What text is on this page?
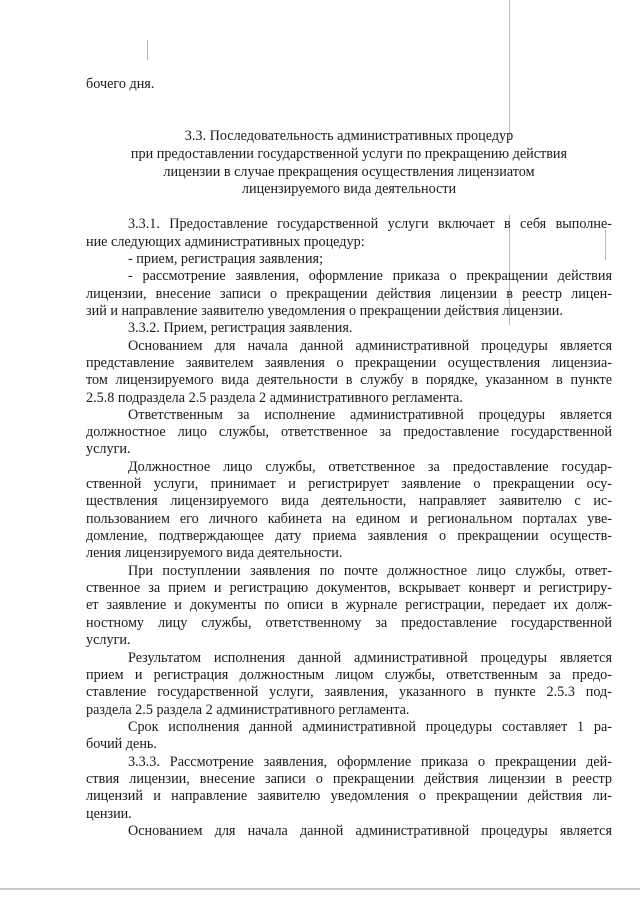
бочего дня.
3.3. Последовательность административных процедур
при предоставлении государственной услуги по прекращению действия
лицензии в случае прекращения осуществления лицензиатом
лицензируемого вида деятельности
3.3.1. Предоставление государственной услуги включает в себя выполне-
ние следующих административных процедур:
- прием, регистрация заявления;
- рассмотрение заявления, оформление приказа о прекращении действия
лицензии, внесение записи о прекращении действия лицензии в реестр лицен-
зий и направление заявителю уведомления о прекращении действия лицензии.
3.3.2. Прием, регистрация заявления.
Основанием для начала данной административной процедуры является
представление заявителем заявления о прекращении осуществления лицензиа-
том лицензируемого вида деятельности в службу в порядке, указанном в пункте
2.5.8 подраздела 2.5 раздела 2 административного регламента.
Ответственным за исполнение административной процедуры является
должностное лицо службы, ответственное за предоставление государственной
услуги.
Должностное лицо службы, ответственное за предоставление государ-
ственной услуги, принимает и регистрирует заявление о прекращении осу-
ществления лицензируемого вида деятельности, направляет заявителю с ис-
пользованием его личного кабинета на едином и региональном порталах уве-
домление, подтверждающее дату приема заявления о прекращении осуществ-
ления лицензируемого вида деятельности.
При поступлении заявления по почте должностное лицо службы, ответ-
ственное за прием и регистрацию документов, вскрывает конверт и регистриру-
ет заявление и документы по описи в журнале регистрации, передает их долж-
ностному лицу службы, ответственному за предоставление государственной
услуги.
Результатом исполнения данной административной процедуры является
прием и регистрация должностным лицом службы, ответственным за предо-
ставление государственной услуги, заявления, указанного в пункте 2.5.3 под-
раздела 2.5 раздела 2 административного регламента.
Срок исполнения данной административной процедуры составляет 1 ра-
бочий день.
3.3.3. Рассмотрение заявления, оформление приказа о прекращении дей-
ствия лицензии, внесение записи о прекращении действия лицензии в реестр
лицензий и направление заявителю уведомления о прекращении действия ли-
цензии.
Основанием для начала данной административной процедуры является
